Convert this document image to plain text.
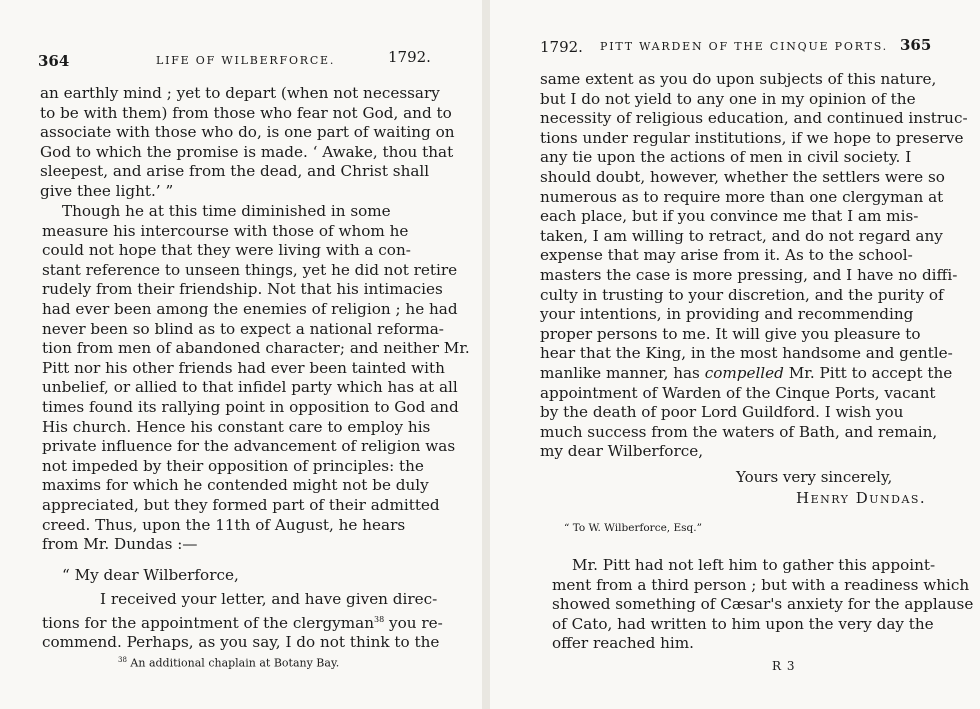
364	LIFE OF WILBERFORCE.	1792.
an earthly mind ; yet to depart (when not necessary
to be with them) from those who fear not God, and to
associate with those who do, is one part of waiting on
God to which the promise is made. ‘ Awake, thou that
sleepest, and arise from the dead, and Christ shall
give thee light.’ ”
Though he at this time diminished in some
measure his intercourse with those of whom he
could not hope that they were living with a con-
stant reference to unseen things, yet he did not retire
rudely from their friendship. Not that his intimacies
had ever been among the enemies of religion ; he had
never been so blind as to expect a national reforma-
tion from men of abandoned character; and neither Mr.
Pitt nor his other friends had ever been tainted with
unbelief, or allied to that infidel party which has at all
times found its rallying point in opposition to God and
His church. Hence his constant care to employ his
private influence for the advancement of religion was
not impeded by their opposition of principles: the
maxims for which he contended might not be duly
appreciated, but they formed part of their admitted
creed. Thus, upon the 11th of August, he hears
from Mr. Dundas :—
“ My dear Wilberforce,
I received your letter, and have given direc-
tions for the appointment of the clergyman$^{38}$ you re-
commend. Perhaps, as you say, I do not think to the
$^{38}$ An additional chaplain at Botany Bay.
1792. PITT WARDEN OF THE CINQUE PORTS. 365
same extent as you do upon subjects of this nature,
but I do not yield to any one in my opinion of the
necessity of religious education, and continued instruc-
tions under regular institutions, if we hope to preserve
any tie upon the actions of men in civil society. I
should doubt, however, whether the settlers were so
numerous as to require more than one clergyman at
each place, but if you convince me that I am mis-
taken, I am willing to retract, and do not regard any
expense that may arise from it. As to the school-
masters the case is more pressing, and I have no diffi-
culty in trusting to your discretion, and the purity of
your intentions, in providing and recommending
proper persons to me. It will give you pleasure to
hear that the King, in the most handsome and gentle-
manlike manner, has compelled Mr. Pitt to accept the
appointment of Warden of the Cinque Ports, vacant
by the death of poor Lord Guildford. I wish you
much success from the waters of Bath, and remain,
my dear Wilberforce,
Yours very sincerely,
Henry Dundas.
“ To W. Wilberforce, Esq.”
Mr. Pitt had not left him to gather this appoint-
ment from a third person ; but with a readiness which
showed something of Cæsar's anxiety for the applause
of Cato, had written to him upon the very day the
offer reached him.
R 3
